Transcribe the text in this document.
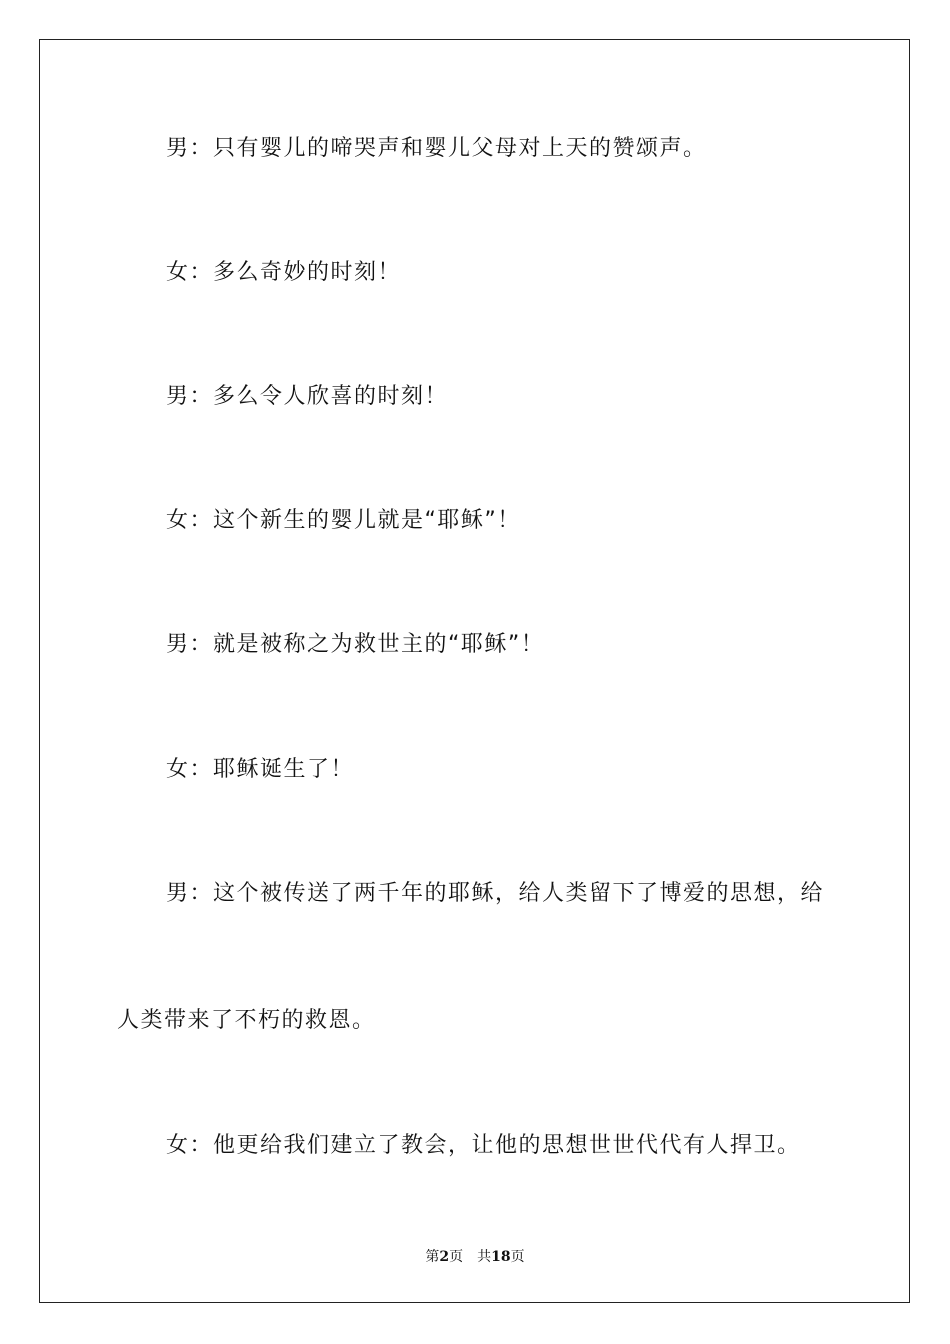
男：只有婴儿的啼哭声和婴儿父母对上天的赞颂声。
女：多么奇妙的时刻！
男：多么令人欣喜的时刻！
女：这个新生的婴儿就是“耶稣”！
男：就是被称之为救世主的“耶稣”！
女：耶稣诞生了！
男：这个被传送了两千年的耶稣，给人类留下了博爱的思想，给
人类带来了不朽的救恩。
女：他更给我们建立了教会，让他的思想世世代代有人捍卫。
第2页 共18页
